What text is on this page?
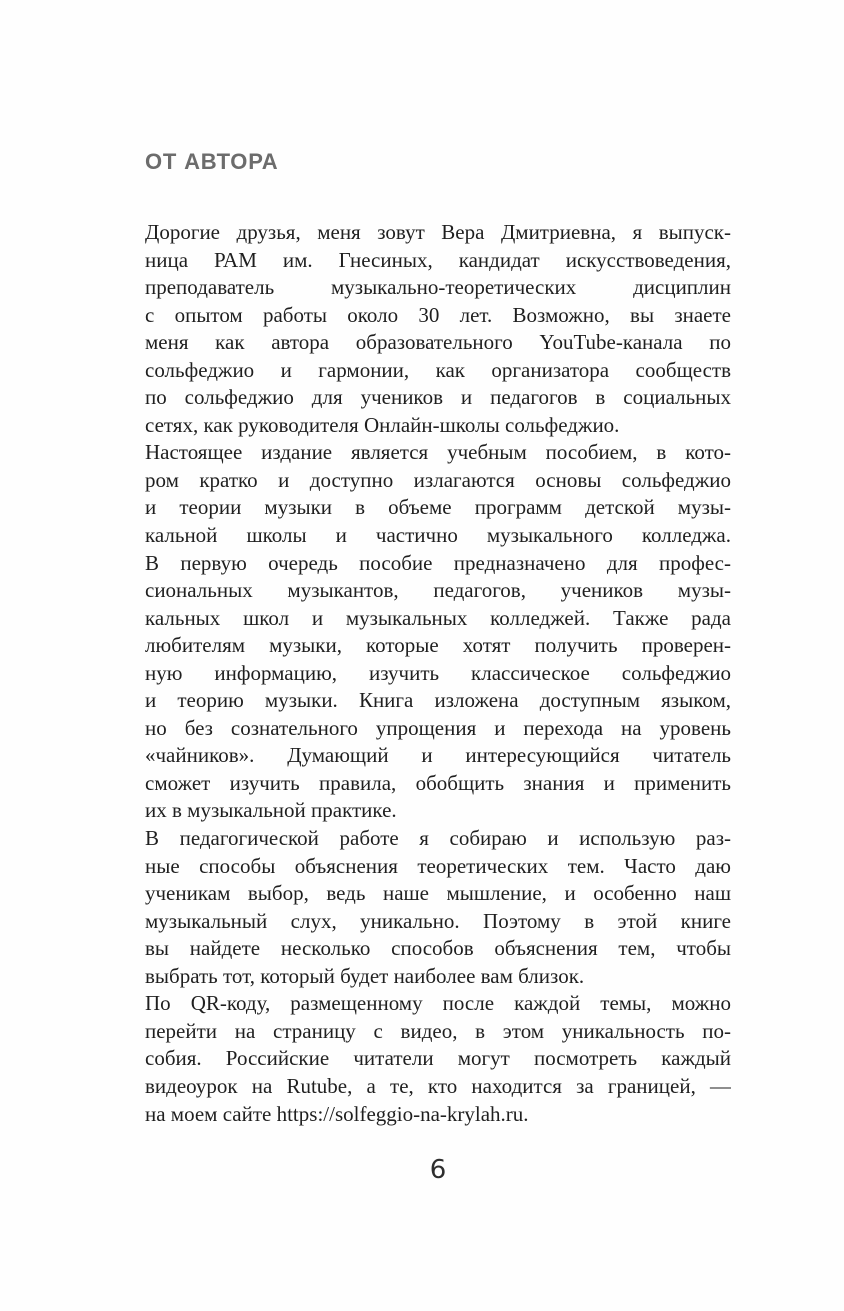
ОТ АВТОРА
Дорогие друзья, меня зовут Вера Дмитриевна, я выпуск-
ница РАМ им. Гнесиных, кандидат искусствоведения,
преподаватель музыкально-теоретических дисциплин
с опытом работы около 30 лет. Возможно, вы знаете
меня как автора образовательного YouTube-канала по
сольфеджио и гармонии, как организатора сообществ
по сольфеджио для учеников и педагогов в социальных
сетях, как руководителя Онлайн-школы сольфеджио.
Настоящее издание является учебным пособием, в кото-
ром кратко и доступно излагаются основы сольфеджио
и теории музыки в объеме программ детской музы-
кальной школы и частично музыкального колледжа.
В первую очередь пособие предназначено для профес-
сиональных музыкантов, педагогов, учеников музы-
кальных школ и музыкальных колледжей. Также рада
любителям музыки, которые хотят получить проверен-
ную информацию, изучить классическое сольфеджио
и теорию музыки. Книга изложена доступным языком,
но без сознательного упрощения и перехода на уровень
«чайников». Думающий и интересующийся читатель
сможет изучить правила, обобщить знания и применить
их в музыкальной практике.
В педагогической работе я собираю и использую раз-
ные способы объяснения теоретических тем. Часто даю
ученикам выбор, ведь наше мышление, и особенно наш
музыкальный слух, уникально. Поэтому в этой книге
вы найдете несколько способов объяснения тем, чтобы
выбрать тот, который будет наиболее вам близок.
По QR-коду, размещенному после каждой темы, можно
перейти на страницу с видео, в этом уникальность по-
собия. Российские читатели могут посмотреть каждый
видеоурок на Rutube, а те, кто находится за границей, —
на моем сайте https://solfeggio-na-krylah.ru.
6
